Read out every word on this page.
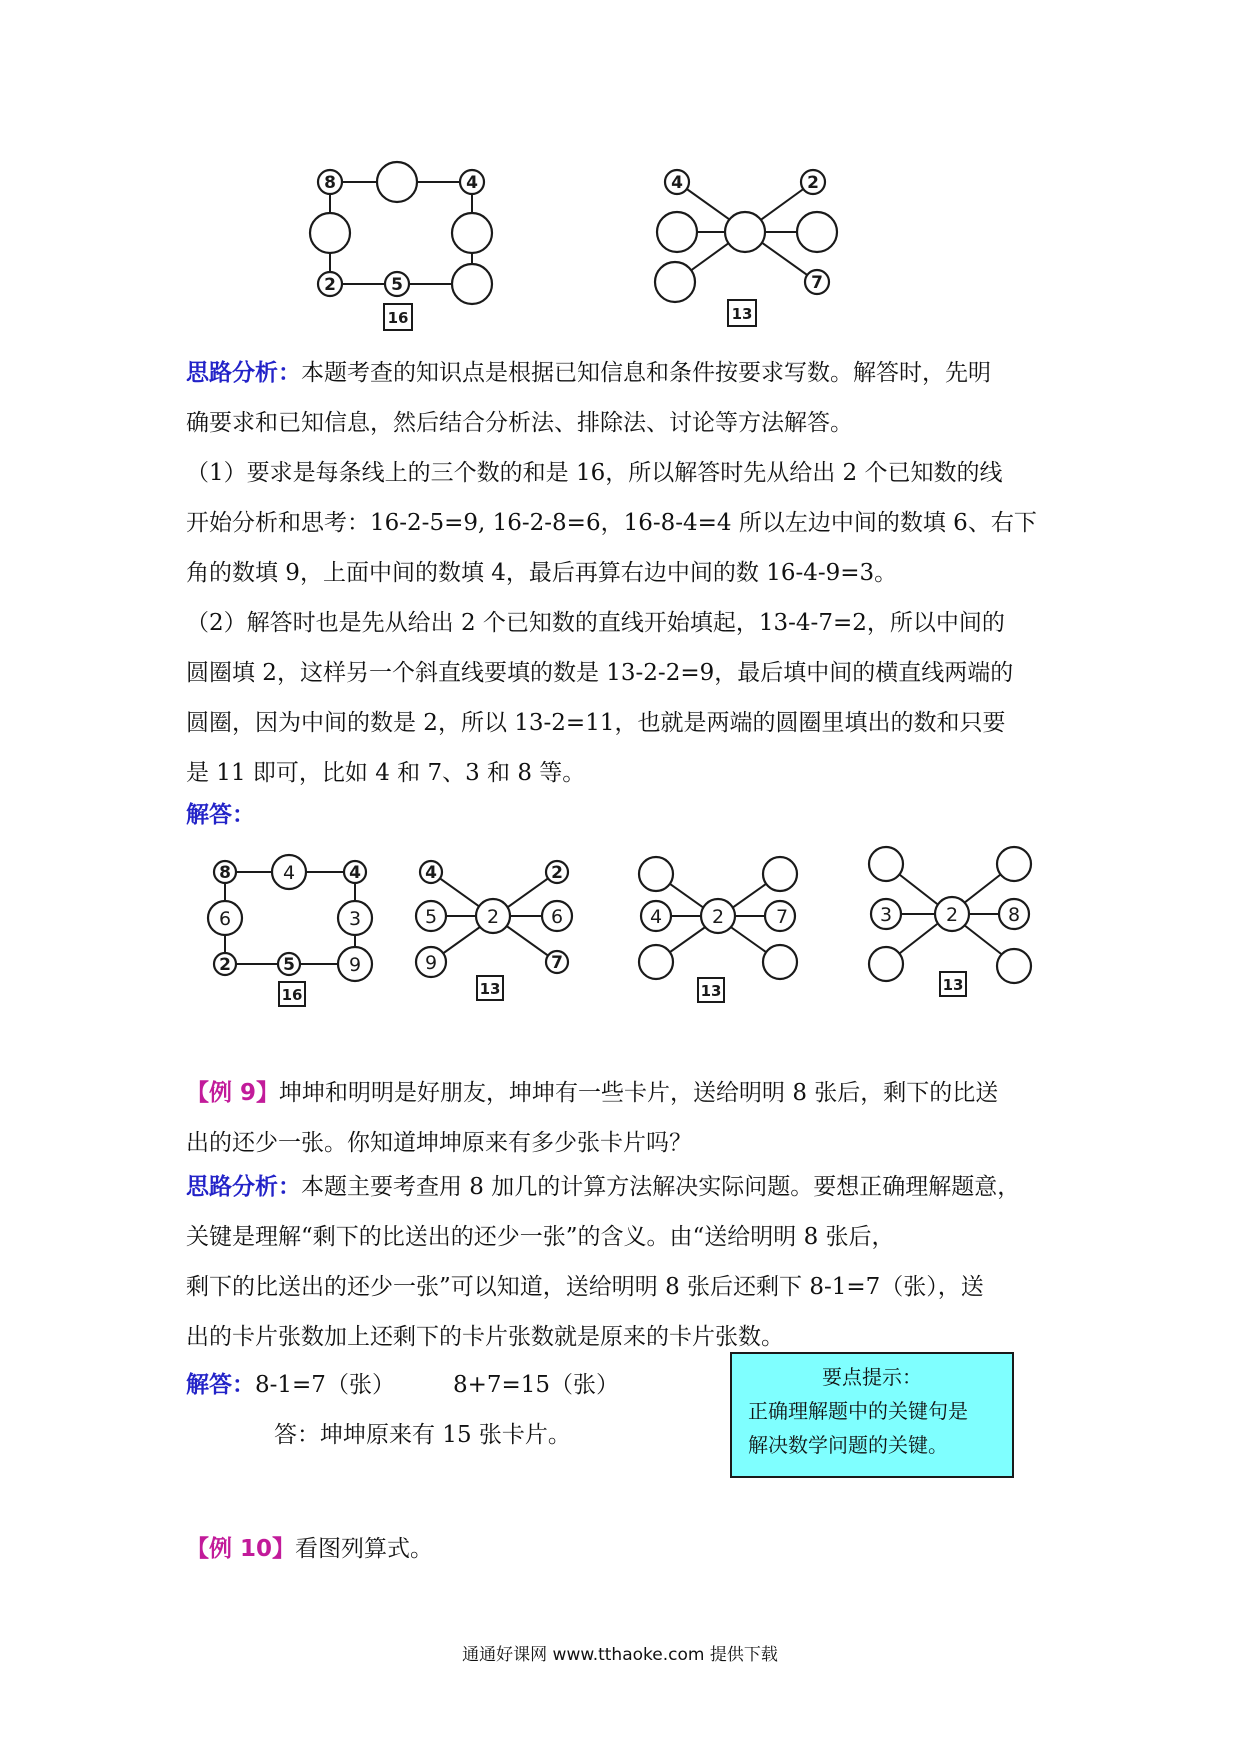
8	4
2	5
16
4	2
7
13

思路分析：本题考查的知识点是根据已知信息和条件按要求写数。解答时，先明
确要求和已知信息，然后结合分析法、排除法、讨论等方法解答。
（1）要求是每条线上的三个数的和是 16，所以解答时先从给出 2 个已知数的线
开始分析和思考：16-2-5=9, 16-2-8=6，16-8-4=4 所以左边中间的数填 6、右下
角的数填 9，上面中间的数填 4，最后再算右边中间的数 16-4-9=3。
（2）解答时也是先从给出 2 个已知数的直线开始填起，13-4-7=2，所以中间的
圆圈填 2，这样另一个斜直线要填的数是 13-2-2=9，最后填中间的横直线两端的
圆圈，因为中间的数是 2，所以 13-2=11，也就是两端的圆圈里填出的数和只要
是 11 即可，比如 4 和 7、3 和 8 等。

解答：

8	4	4
6	3
2	5	9
16
4	2
5	2	6
9	7
13
4	2	7
13
3	2	8
13

【例 9】坤坤和明明是好朋友，坤坤有一些卡片，送给明明 8 张后，剩下的比送
出的还少一张。你知道坤坤原来有多少张卡片吗？

思路分析：本题主要考查用 8 加几的计算方法解决实际问题。要想正确理解题意，
关键是理解“剩下的比送出的还少一张”的含义。由“送给明明 8 张后，
剩下的比送出的还少一张”可以知道，送给明明 8 张后还剩下 8-1=7（张），送
出的卡片张数加上还剩下的卡片张数就是原来的卡片张数。

解答：8-1=7（张）	8+7=15（张）
答：坤坤原来有 15 张卡片。

要点提示：
正确理解题中的关键句是
解决数学问题的关键。

【例 10】看图列算式。

通通好课网 www.tthaoke.com 提供下载
